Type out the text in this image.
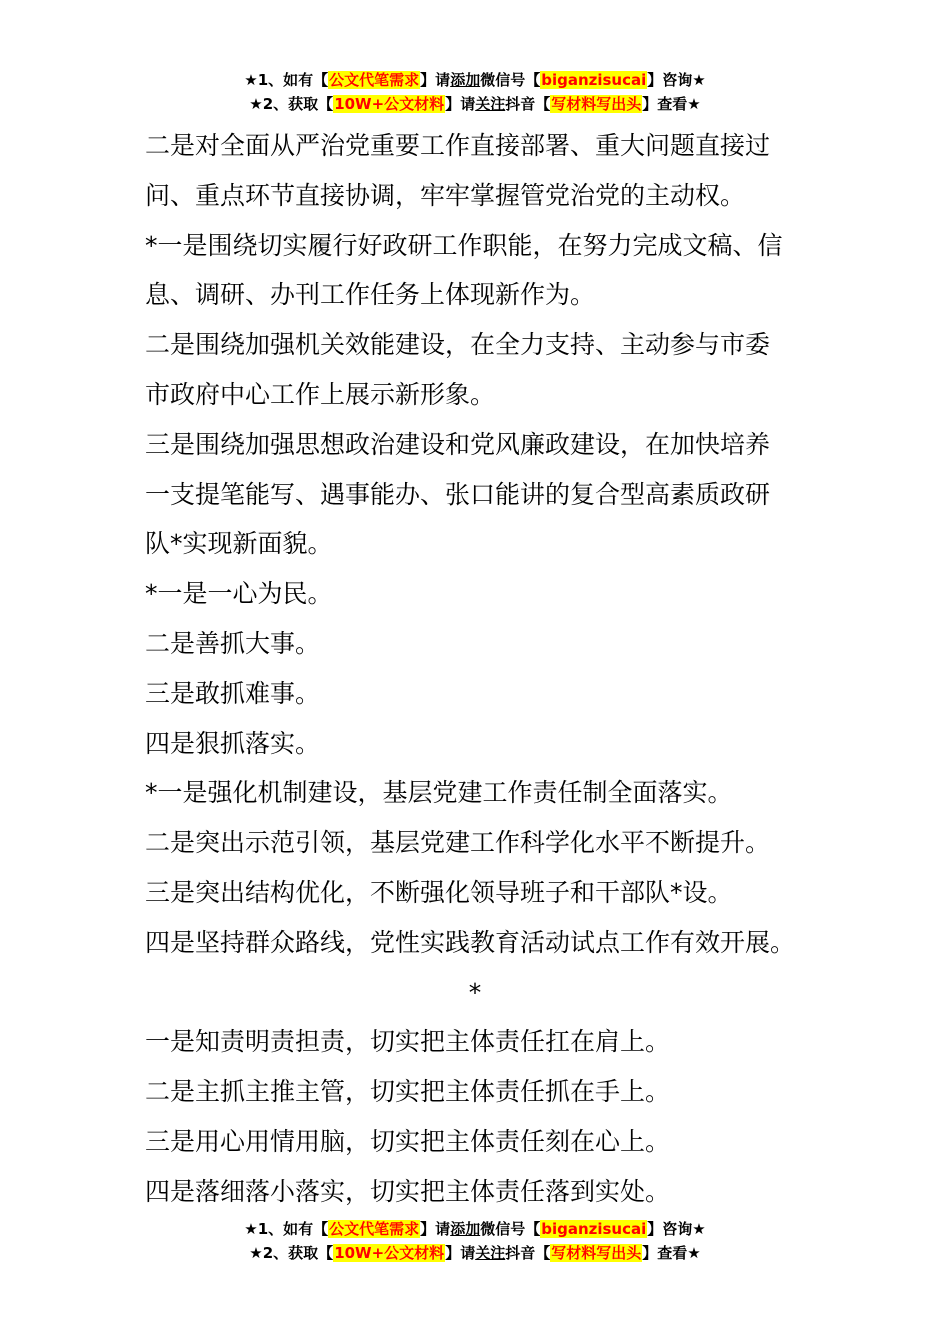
★1、如有【公文代笔需求】请添加微信号【biganzisucai】咨询★
★2、获取【10W+公文材料】请关注抖音【写材料写出头】查看★
二是对全面从严治党重要工作直接部署、重大问题直接过
问、重点环节直接协调，牢牢掌握管党治党的主动权。
*一是围绕切实履行好政研工作职能，在努力完成文稿、信
息、调研、办刊工作任务上体现新作为。
二是围绕加强机关效能建设，在全力支持、主动参与市委
市政府中心工作上展示新形象。
三是围绕加强思想政治建设和党风廉政建设，在加快培养
一支提笔能写、遇事能办、张口能讲的复合型高素质政研
队*实现新面貌。
*一是一心为民。
二是善抓大事。
三是敢抓难事。
四是狠抓落实。
*一是强化机制建设，基层党建工作责任制全面落实。
二是突出示范引领，基层党建工作科学化水平不断提升。
三是突出结构优化，不断强化领导班子和干部队*设。
四是坚持群众路线，党性实践教育活动试点工作有效开展。
*
一是知责明责担责，切实把主体责任扛在肩上。
二是主抓主推主管，切实把主体责任抓在手上。
三是用心用情用脑，切实把主体责任刻在心上。
四是落细落小落实，切实把主体责任落到实处。
★1、如有【公文代笔需求】请添加微信号【biganzisucai】咨询★
★2、获取【10W+公文材料】请关注抖音【写材料写出头】查看★
